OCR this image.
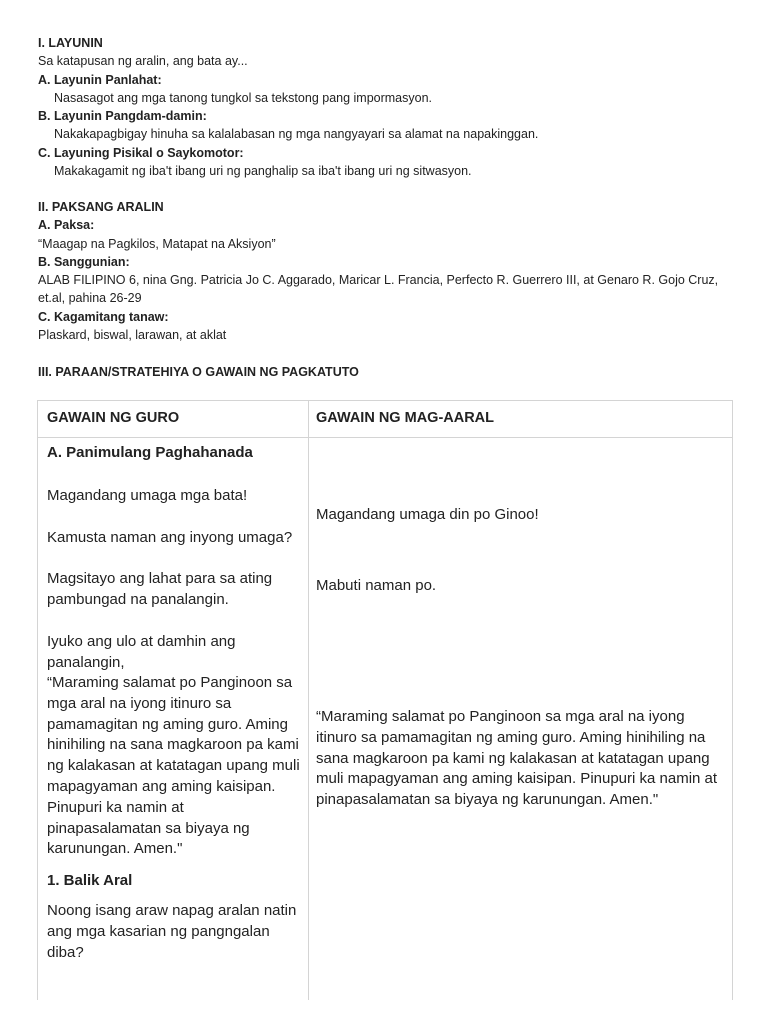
I. LAYUNIN
Sa katapusan ng aralin, ang bata ay...
A. Layunin Panlahat:
Nasasagot ang mga tanong tungkol sa tekstong pang impormasyon.
B. Layunin Pangdam-damin:
Nakakapagbigay hinuha sa kalalabasan ng mga nangyayari sa alamat na napakinggan.
C. Layuning Pisikal o Saykomotor:
Makakagamit ng iba't ibang uri ng panghalip sa iba't ibang uri ng sitwasyon.
II. PAKSANG ARALIN
A. Paksa:
“Maagap na Pagkilos, Matapat na Aksiyon”
B. Sanggunian:
ALAB FILIPINO 6, nina Gng. Patricia Jo C. Aggarado, Maricar L. Francia, Perfecto R. Guerrero III, at Genaro R. Gojo Cruz, et.al, pahina 26-29
C. Kagamitang tanaw:
Plaskard, biswal, larawan, at aklat
III. PARAAN/STRATEHIYA O GAWAIN NG PAGKATUTO
GAWAIN NG GURO	GAWAIN NG MAG-AARAL
A. Panimulang Paghahanada
Magandang umaga mga bata!
Kamusta naman ang inyong umaga?
Magsitayo ang lahat para sa ating pambungad na panalangin.
Iyuko ang ulo at damhin ang panalangin,
“Maraming salamat po Panginoon sa mga aral na iyong itinuro sa pamamagitan ng aming guro. Aming hinihiling na sana magkaroon pa kami ng kalakasan at katatagan upang muli mapagyaman ang aming kaisipan. Pinupuri ka namin at pinapasalamatan sa biyaya ng karunungan. Amen."
1. Balik Aral
Noong isang araw napag aralan natin ang mga kasarian ng pangngalan diba?
Magandang umaga din po Ginoo!
Mabuti naman po.
“Maraming salamat po Panginoon sa mga aral na iyong itinuro sa pamamagitan ng aming guro. Aming hinihiling na sana magkaroon pa kami ng kalakasan at katatagan upang muli mapagyaman ang aming kaisipan. Pinupuri ka namin at pinapasalamatan sa biyaya ng karunungan. Amen."
